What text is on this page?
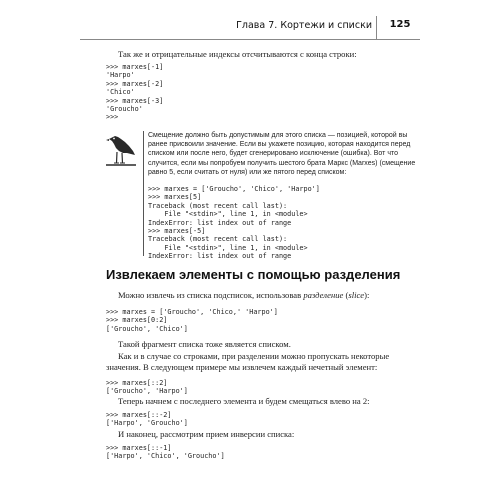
Глава 7. Кортежи и списки	125

Так же и отрицательные индексы отсчитываются с конца строки:

>>> marxes[-1]
'Harpo'
>>> marxes[-2]
'Chico'
>>> marxes[-3]
'Groucho'
>>>

Смещение должно быть допустимым для этого списка — позицией, которой вы ранее присвоили значение. Если вы укажете позицию, которая находится перед списком или после него, будет сгенерировано исключение (ошибка). Вот что случится, если мы попробуем получить шестого брата Маркс (Marxes) (смещение равно 5, если считать от нуля) или же пятого перед списком:

>>> marxes = ['Groucho', 'Chico', 'Harpo']
>>> marxes[5]
Traceback (most recent call last):
File "<stdin>", line 1, in <module>
IndexError: list index out of range
>>> marxes[-5]
Traceback (most recent call last):
File "<stdin>", line 1, in <module>
IndexError: list index out of range
Извлекаем элементы с помощью разделения

Можно извлечь из списка подсписок, использовав разделение (slice):

>>> marxes = ['Groucho', 'Chico,' 'Harpo']
>>> marxes[0:2]
['Groucho', 'Chico']

Такой фрагмент списка тоже является списком.

Как и в случае со строками, при разделении можно пропускать некоторые значения. В следующем примере мы извлечем каждый нечетный элемент:

>>> marxes[::2]
['Groucho', 'Harpo']

Теперь начнем с последнего элемента и будем смещаться влево на 2:

>>> marxes[::-2]
['Harpo', 'Groucho']

И наконец, рассмотрим прием инверсии списка:

>>> marxes[::-1]
['Harpo', 'Chico', 'Groucho']
